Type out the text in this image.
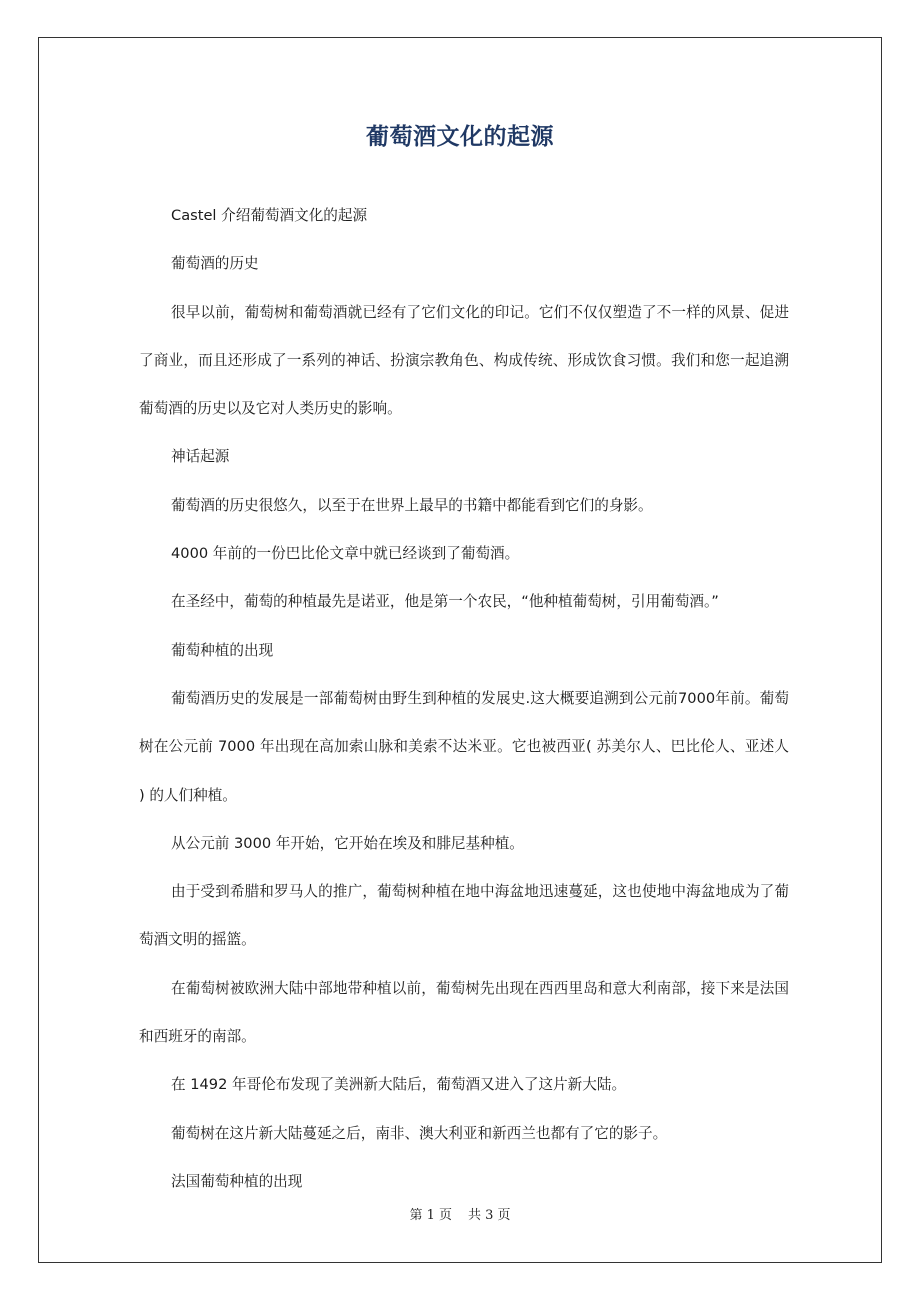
葡萄酒文化的起源

Castel 介绍葡萄酒文化的起源

葡萄酒的历史

很早以前，葡萄树和葡萄酒就已经有了它们文化的印记。它们不仅仅塑造了不一样的风景、促进了商业，而且还形成了一系列的神话、扮演宗教角色、构成传统、形成饮食习惯。我们和您一起追溯葡萄酒的历史以及它对人类历史的影响。

神话起源

葡萄酒的历史很悠久，以至于在世界上最早的书籍中都能看到它们的身影。

4000 年前的一份巴比伦文章中就已经谈到了葡萄酒。

在圣经中，葡萄的种植最先是诺亚，他是第一个农民，“他种植葡萄树，引用葡萄酒。”

葡萄种植的出现

葡萄酒历史的发展是一部葡萄树由野生到种植的发展史.这大概要追溯到公元前7000年前。葡萄树在公元前 7000 年出现在高加索山脉和美索不达米亚。它也被西亚( 苏美尔人、巴比伦人、亚述人 ) 的人们种植。

从公元前 3000 年开始，它开始在埃及和腓尼基种植。

由于受到希腊和罗马人的推广，葡萄树种植在地中海盆地迅速蔓延，这也使地中海盆地成为了葡萄酒文明的摇篮。

在葡萄树被欧洲大陆中部地带种植以前，葡萄树先出现在西西里岛和意大利南部，接下来是法国和西班牙的南部。

在 1492 年哥伦布发现了美洲新大陆后，葡萄酒又进入了这片新大陆。

葡萄树在这片新大陆蔓延之后，南非、澳大利亚和新西兰也都有了它的影子。

法国葡萄种植的出现

第 1 页 共 3 页
